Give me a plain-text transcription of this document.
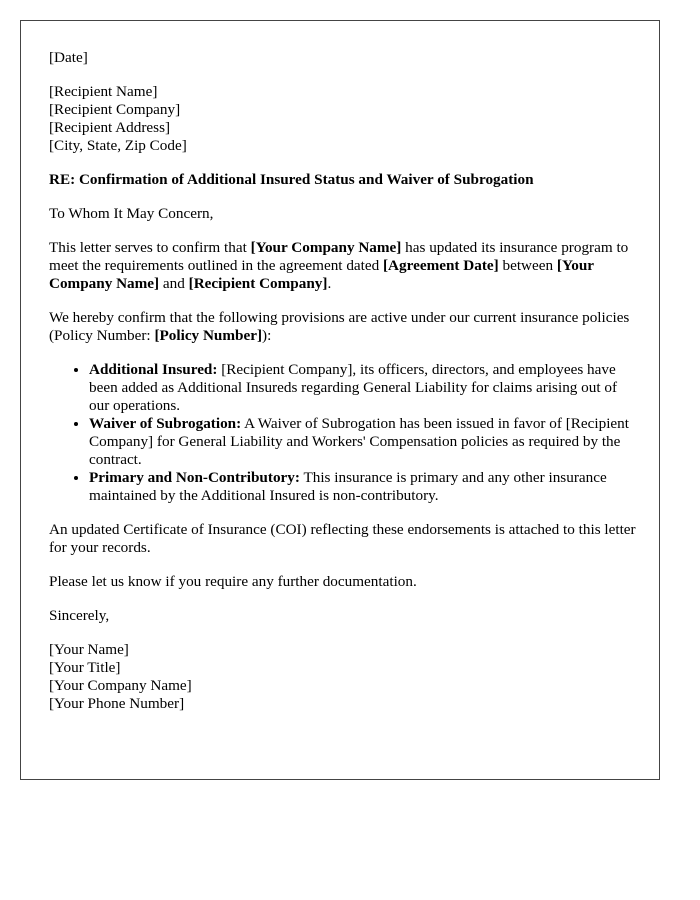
[Date]

[Recipient Name]
[Recipient Company]
[Recipient Address]
[City, State, Zip Code]

RE: Confirmation of Additional Insured Status and Waiver of Subrogation

To Whom It May Concern,

This letter serves to confirm that [Your Company Name] has updated its insurance program to meet the requirements outlined in the agreement dated [Agreement Date] between [Your Company Name] and [Recipient Company].

We hereby confirm that the following provisions are active under our current insurance policies (Policy Number: [Policy Number]):

• Additional Insured: [Recipient Company], its officers, directors, and employees have been added as Additional Insureds regarding General Liability for claims arising out of our operations.
• Waiver of Subrogation: A Waiver of Subrogation has been issued in favor of [Recipient Company] for General Liability and Workers' Compensation policies as required by the contract.
• Primary and Non-Contributory: This insurance is primary and any other insurance maintained by the Additional Insured is non-contributory.

An updated Certificate of Insurance (COI) reflecting these endorsements is attached to this letter for your records.

Please let us know if you require any further documentation.

Sincerely,

[Your Name]
[Your Title]
[Your Company Name]
[Your Phone Number]
